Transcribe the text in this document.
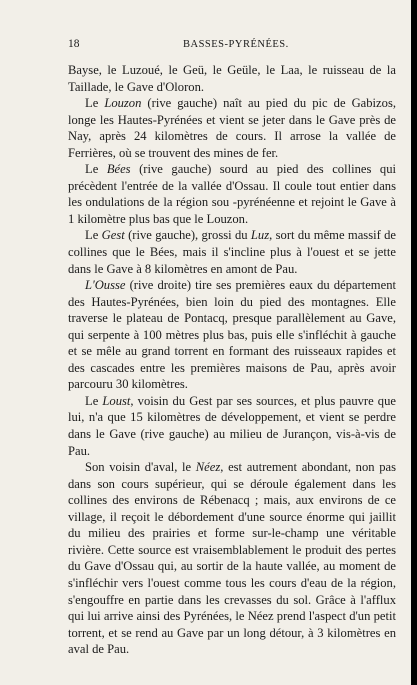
18	BASSES-PYRÉNÉES.

Bayse, le Luzoué, le Geü, le Geüle, le Laa, le ruisseau de la Taillade, le Gave d'Oloron.

Le Louzon (rive gauche) naît au pied du pic de Gabizos, longe les Hautes-Pyrénées et vient se jeter dans le Gave près de Nay, après 24 kilomètres de cours. Il arrose la vallée de Ferrières, où se trouvent des mines de fer.

Le Bées (rive gauche) sourd au pied des collines qui précèdent l'entrée de la vallée d'Ossau. Il coule tout entier dans les ondulations de la région sou -pyrénéenne et rejoint le Gave à 1 kilomètre plus bas que le Louzon.

Le Gest (rive gauche), grossi du Luz, sort du même massif de collines que le Bées, mais il s'incline plus à l'ouest et se jette dans le Gave à 8 kilomètres en amont de Pau.

L'Ousse (rive droite) tire ses premières eaux du département des Hautes-Pyrénées, bien loin du pied des montagnes. Elle traverse le plateau de Pontacq, presque parallèlement au Gave, qui serpente à 100 mètres plus bas, puis elle s'infléchit à gauche et se mêle au grand torrent en formant des ruisseaux rapides et des cascades entre les premières maisons de Pau, après avoir parcouru 30 kilomètres.

Le Loust, voisin du Gest par ses sources, et plus pauvre que lui, n'a que 15 kilomètres de développement, et vient se perdre dans le Gave (rive gauche) au milieu de Jurançon, vis-à-vis de Pau.

Son voisin d'aval, le Néez, est autrement abondant, non pas dans son cours supérieur, qui se déroule également dans les collines des environs de Rébenacq ; mais, aux environs de ce village, il reçoit le débordement d'une source énorme qui jaillit du milieu des prairies et forme sur-le-champ une véritable rivière. Cette source est vraisemblablement le produit des pertes du Gave d'Ossau qui, au sortir de la haute vallée, au moment de s'infléchir vers l'ouest comme tous les cours d'eau de la région, s'engouffre en partie dans les crevasses du sol. Grâce à l'afflux qui lui arrive ainsi des Pyrénées, le Néez prend l'aspect d'un petit torrent, et se rend au Gave par un long détour, à 3 kilomètres en aval de Pau.
